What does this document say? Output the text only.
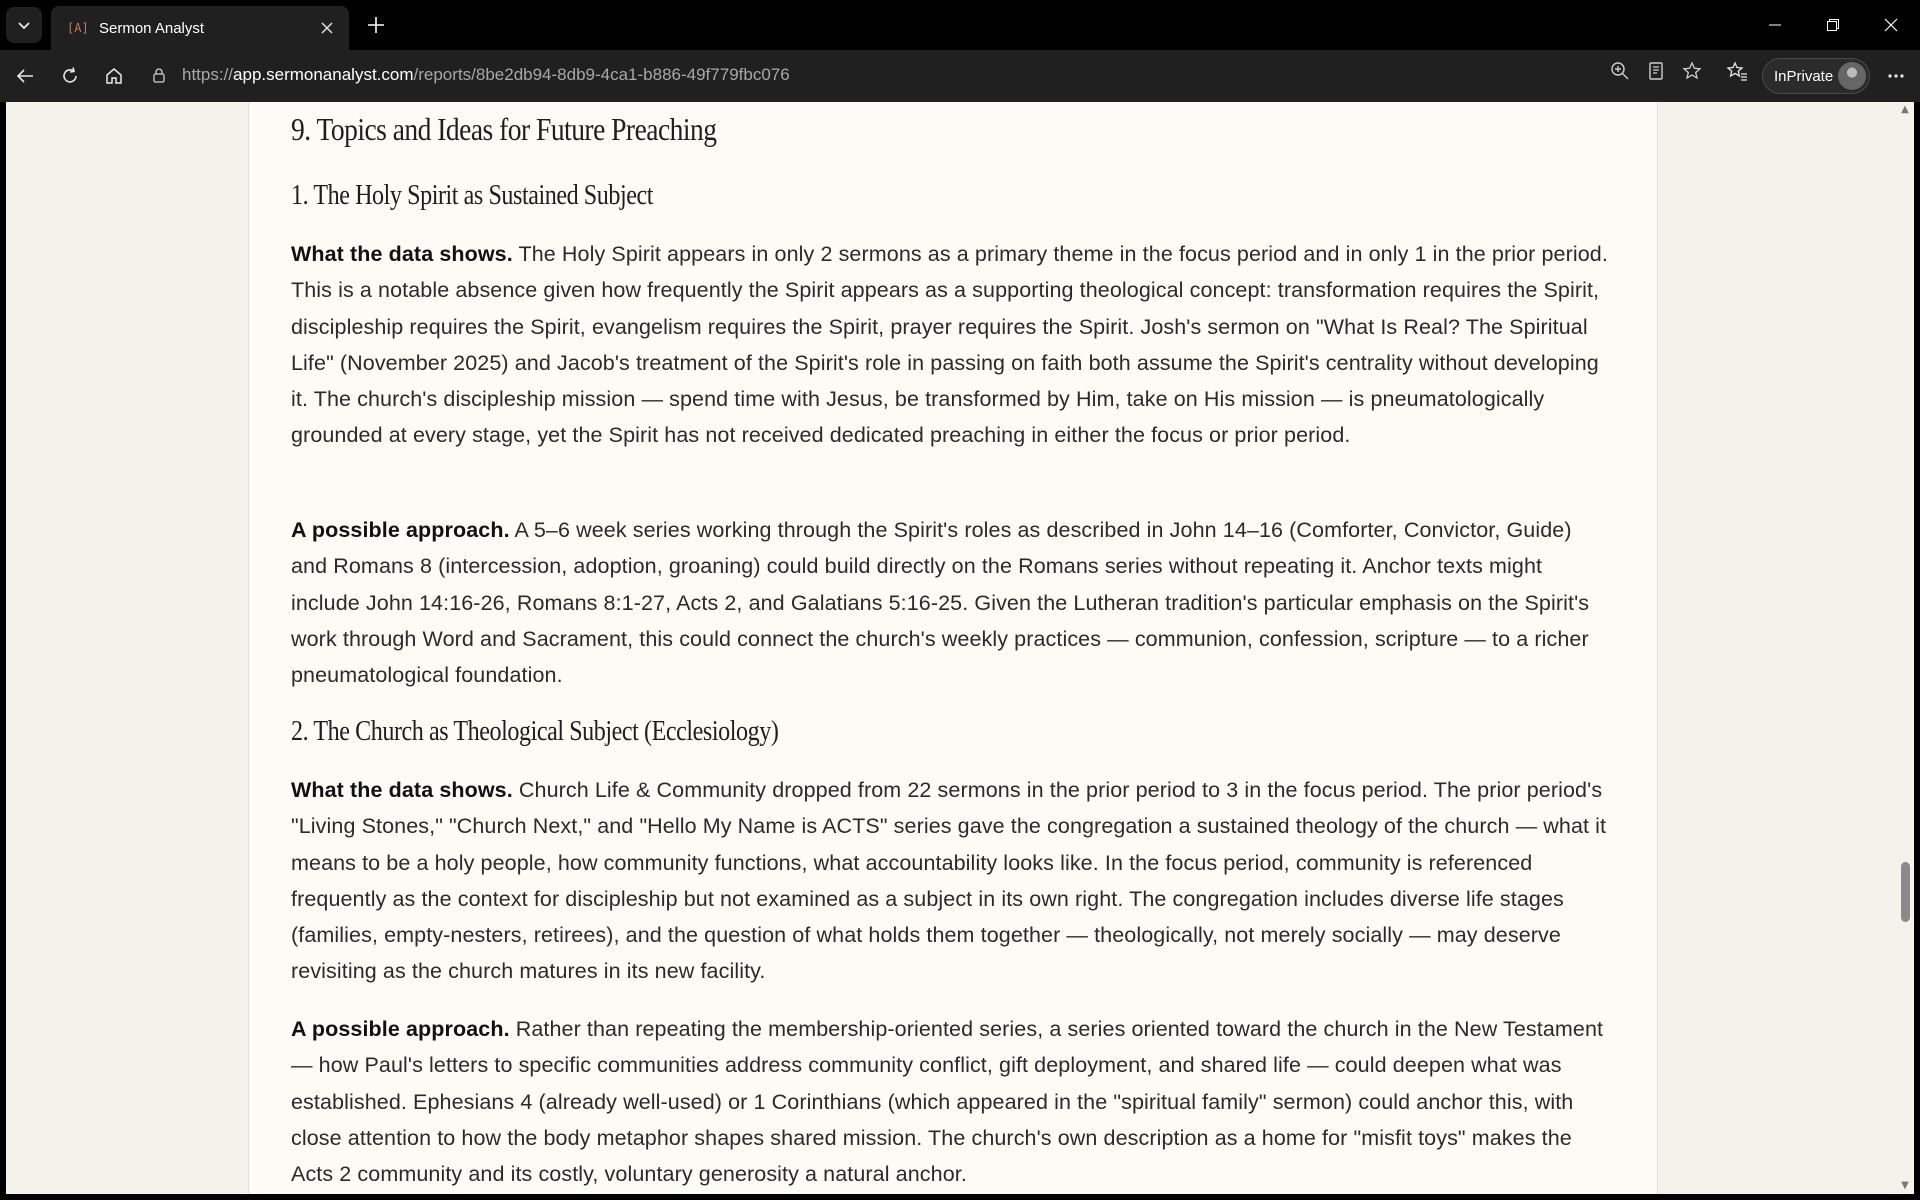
[A] Sermon Analyst
https://app.sermonanalyst.com/reports/8be2db94-8db9-4ca1-b886-49f779fbc076	InPrivate
9. Topics and Ideas for Future Preaching
1. The Holy Spirit as Sustained Subject

What the data shows. The Holy Spirit appears in only 2 sermons as a primary theme in the focus period and in only 1 in the prior period. This is a notable absence given how frequently the Spirit appears as a supporting theological concept: transformation requires the Spirit, discipleship requires the Spirit, evangelism requires the Spirit, prayer requires the Spirit. Josh's sermon on "What Is Real? The Spiritual Life" (November 2025) and Jacob's treatment of the Spirit's role in passing on faith both assume the Spirit's centrality without developing it. The church's discipleship mission — spend time with Jesus, be transformed by Him, take on His mission — is pneumatologically grounded at every stage, yet the Spirit has not received dedicated preaching in either the focus or prior period.

A possible approach. A 5–6 week series working through the Spirit's roles as described in John 14–16 (Comforter, Convictor, Guide) and Romans 8 (intercession, adoption, groaning) could build directly on the Romans series without repeating it. Anchor texts might include John 14:16-26, Romans 8:1-27, Acts 2, and Galatians 5:16-25. Given the Lutheran tradition's particular emphasis on the Spirit's work through Word and Sacrament, this could connect the church's weekly practices — communion, confession, scripture — to a richer pneumatological foundation.

2. The Church as Theological Subject (Ecclesiology)

What the data shows. Church Life & Community dropped from 22 sermons in the prior period to 3 in the focus period. The prior period's "Living Stones," "Church Next," and "Hello My Name is ACTS" series gave the congregation a sustained theology of the church — what it means to be a holy people, how community functions, what accountability looks like. In the focus period, community is referenced frequently as the context for discipleship but not examined as a subject in its own right. The congregation includes diverse life stages (families, empty-nesters, retirees), and the question of what holds them together — theologically, not merely socially — may deserve revisiting as the church matures in its new facility.

A possible approach. Rather than repeating the membership-oriented series, a series oriented toward the church in the New Testament — how Paul's letters to specific communities address community conflict, gift deployment, and shared life — could deepen what was established. Ephesians 4 (already well-used) or 1 Corinthians (which appeared in the "spiritual family" sermon) could anchor this, with close attention to how the body metaphor shapes shared mission. The church's own description as a home for "misfit toys" makes the Acts 2 community and its costly, voluntary generosity a natural anchor.

▲
▼
